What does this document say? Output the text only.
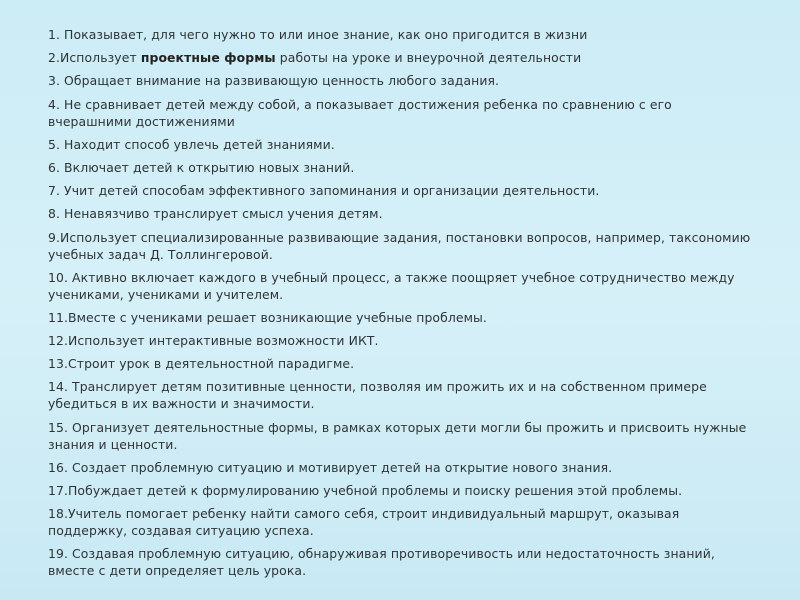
1. Показывает, для чего нужно то или иное знание, как оно пригодится в жизни

2.Использует проектные формы работы на уроке и внеурочной деятельности

3. Обращает внимание на развивающую ценность любого задания.

4. Не сравнивает детей между собой, а показывает достижения ребенка по сравнению с его вчерашними достижениями

5. Находит способ увлечь детей знаниями.

6. Включает детей к открытию новых знаний.

7. Учит детей способам эффективного запоминания и организации деятельности.

8. Ненавязчиво транслирует смысл учения детям.

9.Использует специализированные развивающие задания, постановки вопросов, например, таксономию учебных задач Д. Толлингеровой.

10. Активно включает каждого в учебный процесс, а также поощряет учебное сотрудничество между учениками, учениками и учителем.

11.Вместе с учениками решает возникающие учебные проблемы.

12.Использует интерактивные возможности ИКТ.

13.Строит урок в деятельностной парадигме.

14. Транслирует детям позитивные ценности, позволяя им прожить их и на собственном примере убедиться в их важности и значимости.

15. Организует деятельностные формы, в рамках которых дети могли бы прожить и присвоить нужные знания и ценности.

16. Создает проблемную ситуацию и мотивирует детей на открытие нового знания.

17.Побуждает детей к формулированию учебной проблемы и поиску решения этой проблемы.

18.Учитель помогает ребенку найти самого себя, строит индивидуальный маршрут, оказывая поддержку, создавая ситуацию успеха.

19. Создавая проблемную ситуацию, обнаруживая противоречивость или недостаточность знаний, вместе с дети определяет цель урока.
